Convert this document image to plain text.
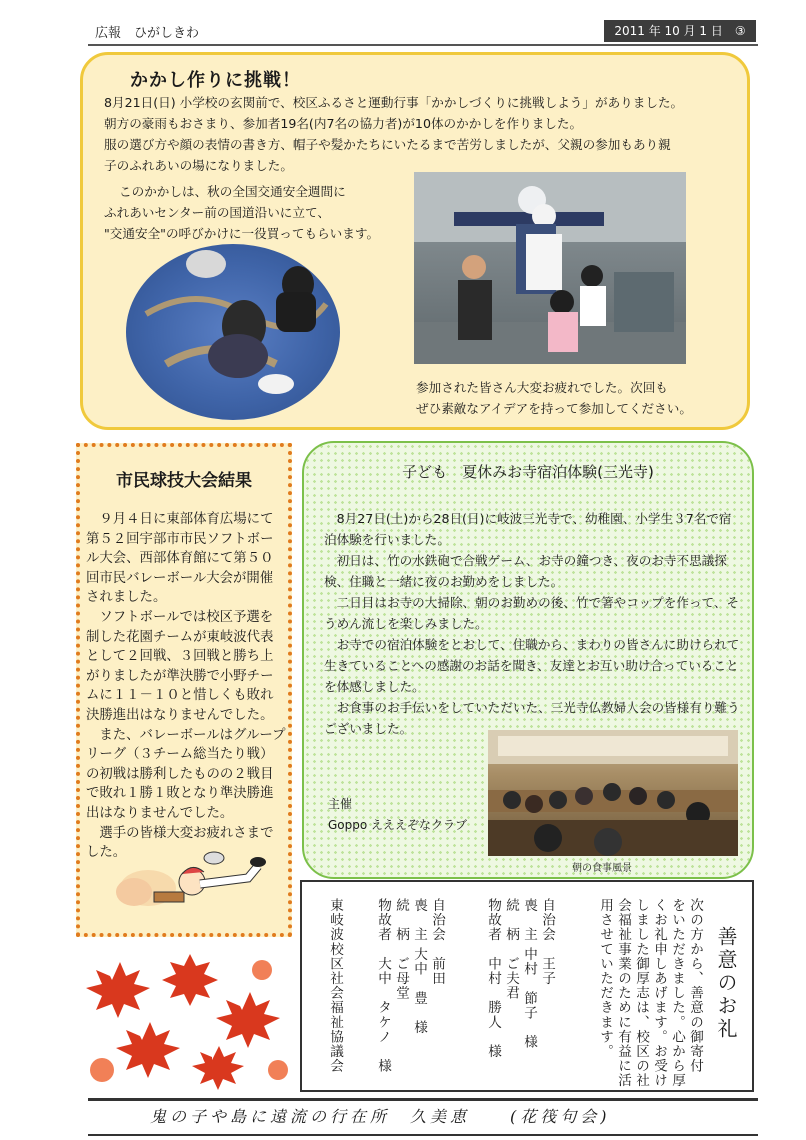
広報　ひがしきわ	2011 年 10 月 1 日　③
かかし作りに挑戦！

8月21日(日) 小学校の玄関前で、校区ふるさと運動行事「かかしづくりに挑戦しよう」がありました。

朝方の豪雨もおさまり、参加者19名(内7名の協力者)が10体のかかしを作りました。

服の選び方や顔の表情の書き方、帽子や髪かたちにいたるまで苦労しましたが、父親の参加もあり親

子のふれあいの場になりました。

このかかしは、秋の全国交通安全週間に

ふれあいセンター前の国道沿いに立て、

"交通安全"の呼びかけに一役買ってもらいます。

参加された皆さん大変お疲れでした。次回も

ぜひ素敵なアイデアを持って参加してください。

市民球技大会結果

　９月４日に東部体育広場にて第５２回宇部市市民ソフトボール大会、西部体育館にて第５０回市民バレーボール大会が開催されました。

　ソフトボールでは校区予選を制した花園チームが東岐波代表として２回戦、３回戦と勝ち上がりましたが準決勝で小野チームに１１－１０と惜しくも敗れ決勝進出はなりませんでした。

　また、バレーボールはグループリーグ（３チーム総当たり戦）の初戦は勝利したものの２戦目で敗れ１勝１敗となり準決勝進出はなりませんでした。

　選手の皆様大変お疲れさまでした。

子ども　夏休みお寺宿泊体験(三光寺)

　8月27日(土)から28日(日)に岐波三光寺で、幼稚園、小学生３7名で宿泊体験を行いました。

　初日は、竹の水鉄砲で合戦ゲーム、お寺の鐘つき、夜のお寺不思議探検、住職と一緒に夜のお勤めをしました。

　二日目はお寺の大掃除、朝のお勤めの後、竹で箸やコップを作って、そうめん流しを楽しみました。

　お寺での宿泊体験をとおして、住職から、まわりの皆さんに助けられて生きていることへの感謝のお話を聞き、友達とお互い助け合っていることを体感しました。

　お食事のお手伝いをしていただいた、三光寺仏教婦人会の皆様有り難うございました。

主催
Goppo えええぞなクラブ
朝の食事風景
善意のお礼
次の方から、善意の御寄付
をいただきました。心から厚
くお礼申しあげます。お受け
しました御厚志は、校区の社
会福祉事業のために有益に活
用させていただきます。
自治会　王子
喪　主 中村　節子　様
続　柄　ご夫君
物故者　中村　勝人　様
自治会　前田
喪　主 大中　豊　様
続　柄　ご母堂
物故者　大中　タケノ　様
東岐波校区社会福祉協議会
鬼の子や島に遠流の行在所　久美恵　　(花筏句会)
